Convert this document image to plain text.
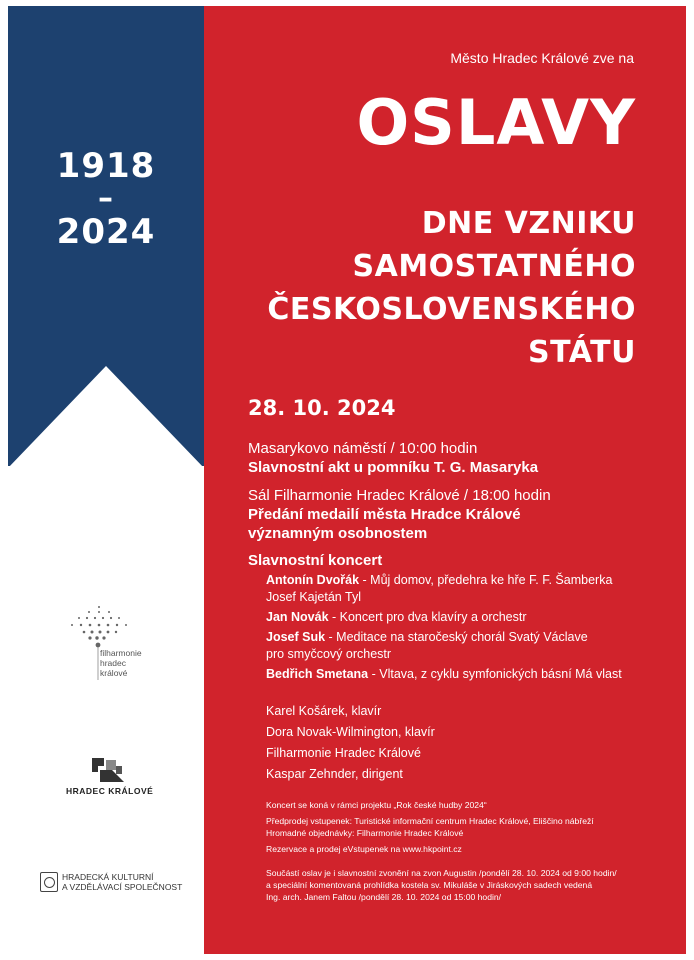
1918
–
2024
Město Hradec Králové zve na
OSLAVY
DNE VZNIKU
SAMOSTATNÉHO
ČESKOSLOVENSKÉHO
STÁTU
28. 10. 2024
Masarykovo náměstí / 10:00 hodin
Slavnostní akt u pomníku T. G. Masaryka
Sál Filharmonie Hradec Králové / 18:00 hodin
Předání medailí města Hradce Králové
významným osobnostem
Slavnostní koncert
Antonín Dvořák - Můj domov, předehra ke hře F. F. Šamberka
Josef Kajetán Tyl
Jan Novák - Koncert pro dva klavíry a orchestr
Josef Suk - Meditace na staročeský chorál Svatý Václave
pro smyčcový orchestr
Bedřich Smetana - Vltava, z cyklu symfonických básní Má vlast
Karel Košárek, klavír
Dora Novak-Wilmington, klavír
Filharmonie Hradec Králové
Kaspar Zehnder, dirigent
Koncert se koná v rámci projektu „Rok české hudby 2024“
Předprodej vstupenek: Turistické informační centrum Hradec Králové, Eliščino nábřeží
Hromadné objednávky: Filharmonie Hradec Králové
Rezervace a prodej eVstupenek na www.hkpoint.cz
Součástí oslav je i slavnostní zvonění na zvon Augustin /pondělí 28. 10. 2024 od 9:00 hodin/
a speciální komentovaná prohlídka kostela sv. Mikuláše v Jiráskových sadech vedená
Ing. arch. Janem Faltou /pondělí 28. 10. 2024 od 15:00 hodin/
filharmonie
hradec
králové
HRADEC KRÁLOVÉ
HRADECKÁ KULTURNÍ
A VZDĚLÁVACÍ SPOLEČNOST
